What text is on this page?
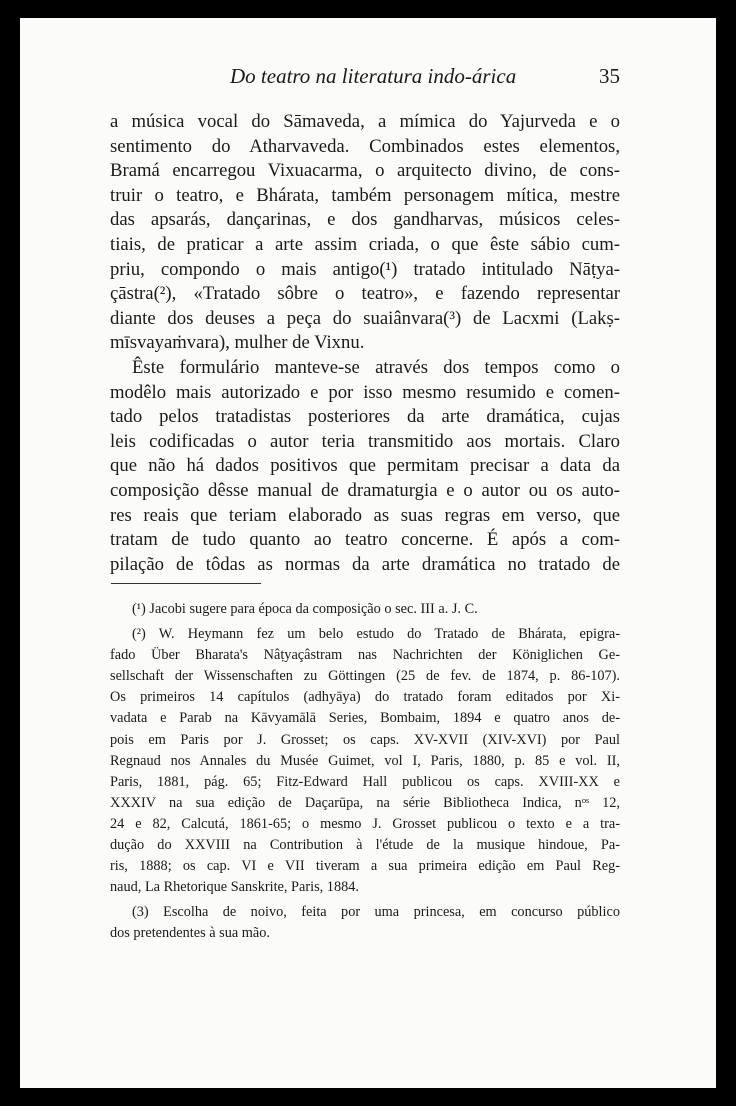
Do teatro na literatura indo-árica	35
a música vocal do Sāmaveda, a mímica do Yajurveda e o
sentimento do Atharvaveda. Combinados estes elementos,
Bramá encarregou Vixuacarma, o arquitecto divino, de cons-
truir o teatro, e Bhárata, também personagem mítica, mestre
das apsarás, dançarinas, e dos gandharvas, músicos celes-
tiais, de praticar a arte assim criada, o que êste sábio cum-
priu, compondo o mais antigo(¹) tratado intitulado Nāṭya-
çāstra(²), «Tratado sôbre o teatro», e fazendo representar
diante dos deuses a peça do suaiânvara(³) de Lacxmi (Lakṣ-
mīsvayaṁvara), mulher de Vixnu.
Êste formulário manteve-se através dos tempos como o
modêlo mais autorizado e por isso mesmo resumido e comen-
tado pelos tratadistas posteriores da arte dramática, cujas
leis codificadas o autor teria transmitido aos mortais. Claro
que não há dados positivos que permitam precisar a data da
composição dêsse manual de dramaturgia e o autor ou os auto-
res reais que teriam elaborado as suas regras em verso, que
tratam de tudo quanto ao teatro concerne. É após a com-
pilação de tôdas as normas da arte dramática no tratado de
(¹) Jacobi sugere para época da composição o sec. III a. J. C.
(²) W. Heymann fez um belo estudo do Tratado de Bhárata, epigra-
fado Über Bharata's Nâṭyaçâstram nas Nachrichten der Königlichen Ge-
sellschaft der Wissenschaften zu Göttingen (25 de fev. de 1874, p. 86-107).
Os primeiros 14 capítulos (adhyāya) do tratado foram editados por Xi-
vadata e Parab na Kāvyamālā Series, Bombaim, 1894 e quatro anos de-
pois em Paris por J. Grosset; os caps. XV-XVII (XIV-XVI) por Paul
Regnaud nos Annales du Musée Guimet, vol I, Paris, 1880, p. 85 e vol. II,
Paris, 1881, pág. 65; Fitz-Edward Hall publicou os caps. XVIII-XX e
XXXIV na sua edição de Daçarūpa, na série Bibliotheca Indica, nᵒˢ 12,
24 e 82, Calcutá, 1861-65; o mesmo J. Grosset publicou o texto e a tra-
dução do XXVIII na Contribution à l'étude de la musique hindoue, Pa-
ris, 1888; os cap. VI e VII tiveram a sua primeira edição em Paul Reg-
naud, La Rhetorique Sanskrite, Paris, 1884.
(3) Escolha de noivo, feita por uma princesa, em concurso público
dos pretendentes à sua mão.
